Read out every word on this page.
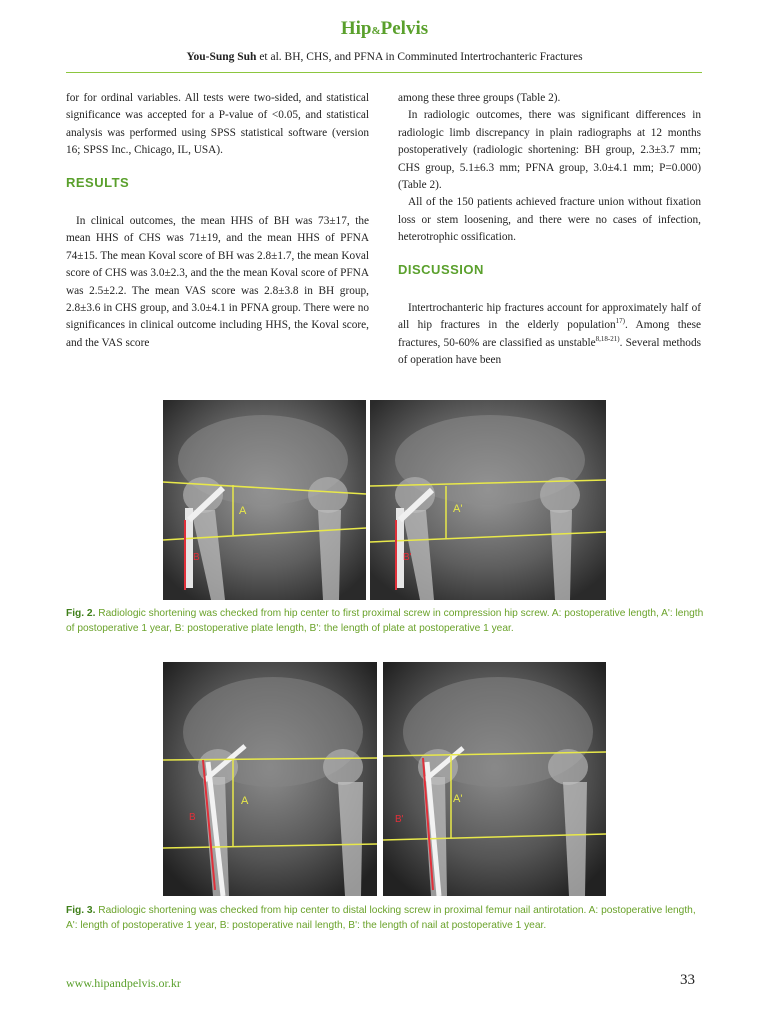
Hip&Pelvis
You-Sung Suh et al. BH, CHS, and PFNA in Comminuted Intertrochanteric Fractures

for for ordinal variables. All tests were two-sided, and statistical significance was accepted for a P-value of <0.05, and statistical analysis was performed using SPSS statistical software (version 16; SPSS Inc., Chicago, IL, USA).

RESULTS

In clinical outcomes, the mean HHS of BH was 73±17, the mean HHS of CHS was 71±19, and the mean HHS of PFNA 74±15. The mean Koval score of BH was 2.8±1.7, the mean Koval score of CHS was 3.0±2.3, and the the mean Koval score of PFNA was 2.5±2.2. The mean VAS score was 2.8±3.8 in BH group, 2.8±3.6 in CHS group, and 3.0±4.1 in PFNA group. There were no significances in clinical outcome including HHS, the Koval score, and the VAS score

among these three groups (Table 2).

In radiologic outcomes, there was significant differences in radiologic limb discrepancy in plain radiographs at 12 months postoperatively (radiologic shortening: BH group, 2.3±3.7 mm; CHS group, 5.1±6.3 mm; PFNA group, 3.0±4.1 mm; P=0.000) (Table 2).

All of the 150 patients achieved fracture union without fixation loss or stem loosening, and there were no cases of infection, heterotrophic ossification.

DISCUSSION

Intertrochanteric hip fractures account for approximately half of all hip fractures in the elderly population$^{17)}$. Among these fractures, 50-60% are classified as unstable$^{8,18-21)}$. Several methods of operation have been

A
B
A'
B'
Fig. 2. Radiologic shortening was checked from hip center to first proximal screw in compression hip screw. A: postoperative length, A': length of postoperative 1 year, B: postoperative plate length, B': the length of plate at postoperative 1 year.
A
B
A'
B'
Fig. 3. Radiologic shortening was checked from hip center to distal locking screw in proximal femur nail antirotation. A: postoperative length, A': length of postoperative 1 year, B: postoperative nail length, B': the length of nail at postoperative 1 year.
www.hipandpelvis.or.kr	33
